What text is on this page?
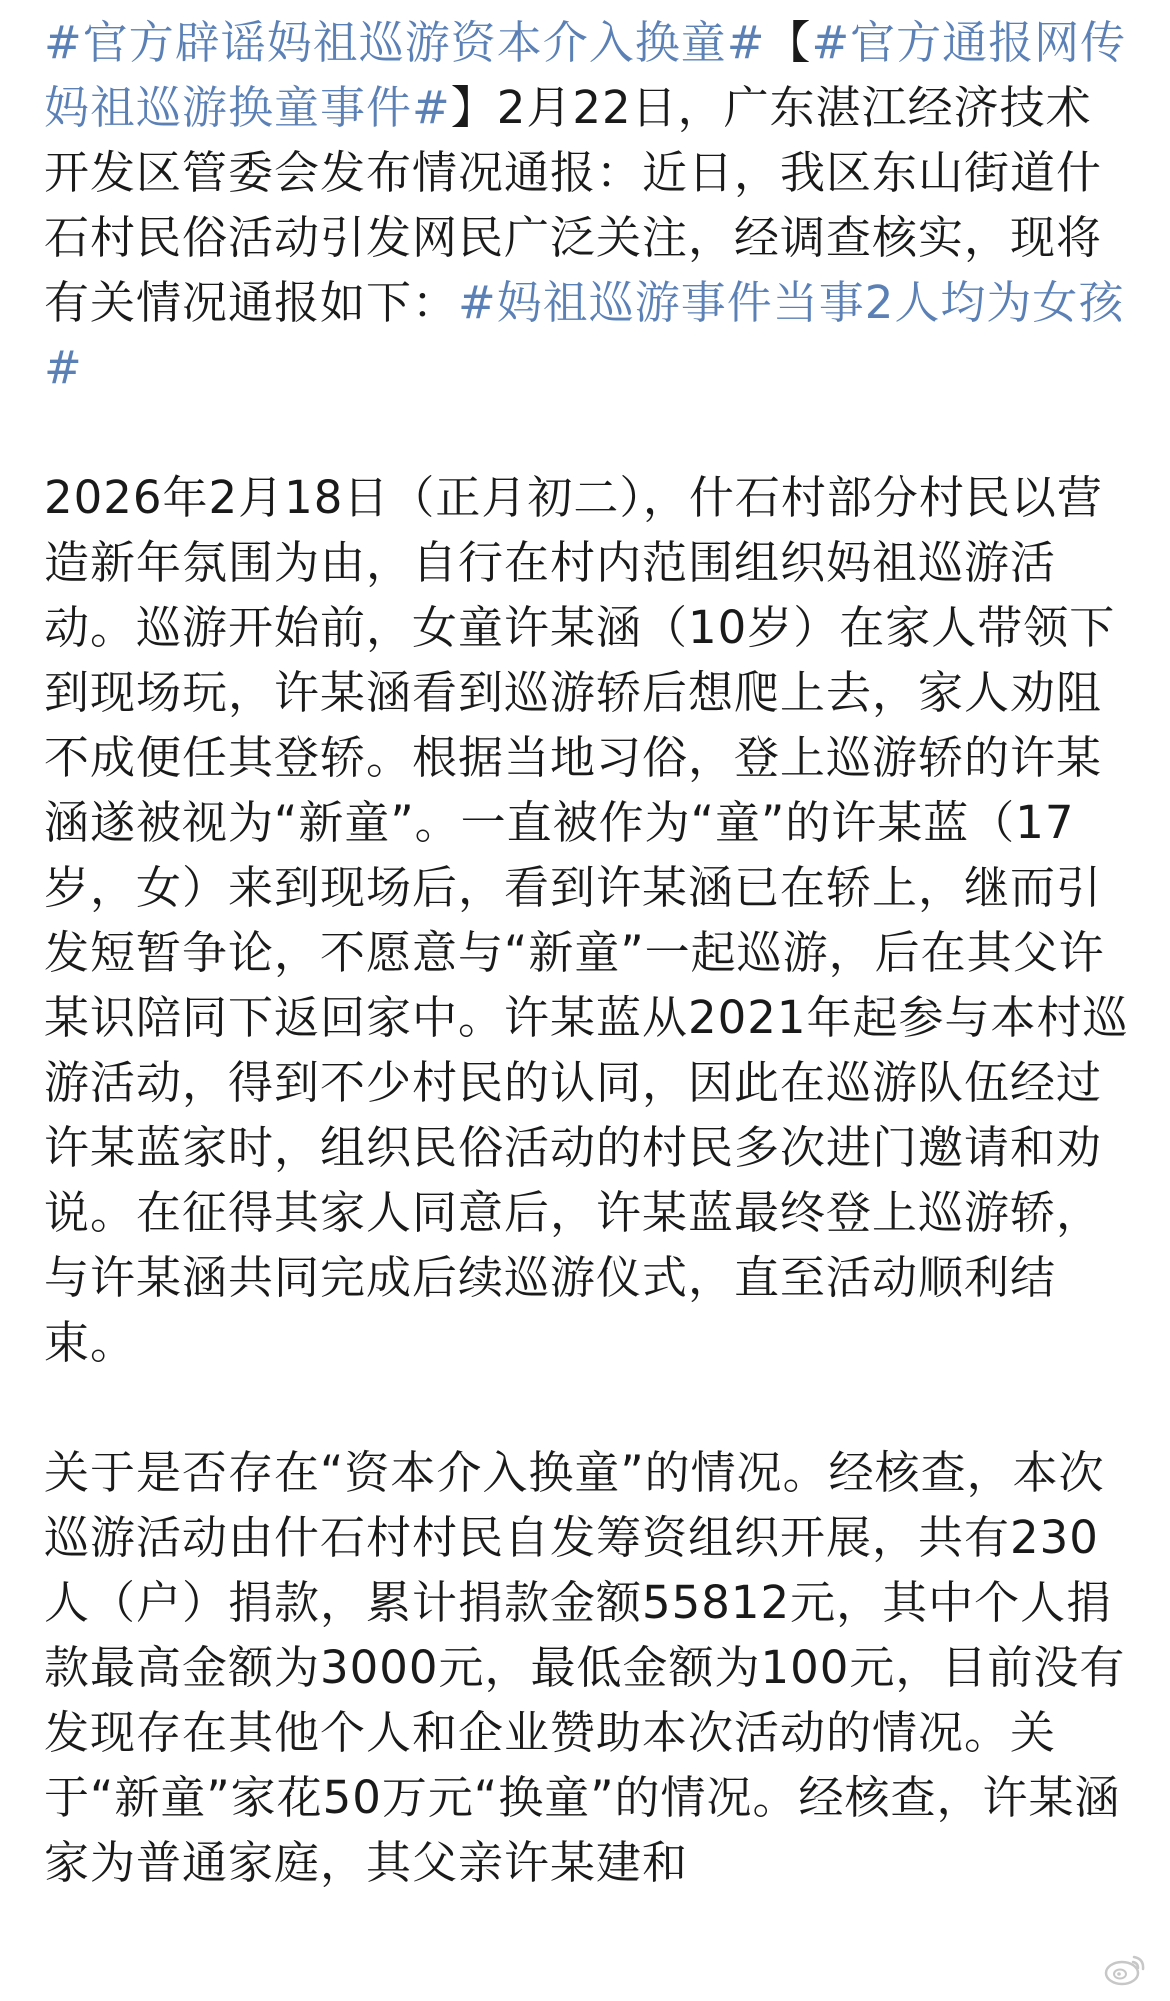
#官方辟谣妈祖巡游资本介入换童#【#官方通报网传妈祖巡游换童事件#】2月22日，广东湛江经济技术开发区管委会发布情况通报：近日，我区东山街道什石村民俗活动引发网民广泛关注，经调查核实，现将有关情况通报如下：#妈祖巡游事件当事2人均为女孩#

2026年2月18日（正月初二），什石村部分村民以营造新年氛围为由，自行在村内范围组织妈祖巡游活动。巡游开始前，女童许某涵（10岁）在家人带领下到现场玩，许某涵看到巡游轿后想爬上去，家人劝阻不成便任其登轿。根据当地习俗，登上巡游轿的许某涵遂被视为“新童”。一直被作为“童”的许某蓝（17岁，女）来到现场后，看到许某涵已在轿上，继而引发短暂争论，不愿意与“新童”一起巡游，后在其父许某识陪同下返回家中。许某蓝从2021年起参与本村巡游活动，得到不少村民的认同，因此在巡游队伍经过许某蓝家时，组织民俗活动的村民多次进门邀请和劝说。在征得其家人同意后，许某蓝最终登上巡游轿，与许某涵共同完成后续巡游仪式，直至活动顺利结束。

关于是否存在“资本介入换童”的情况。经核查，本次巡游活动由什石村村民自发筹资组织开展，共有230人（户）捐款，累计捐款金额55812元，其中个人捐款最高金额为3000元，最低金额为100元，目前没有发现存在其他个人和企业赞助本次活动的情况。关于“新童”家花50万元“换童”的情况。经核查，许某涵家为普通家庭，其父亲许某建和
